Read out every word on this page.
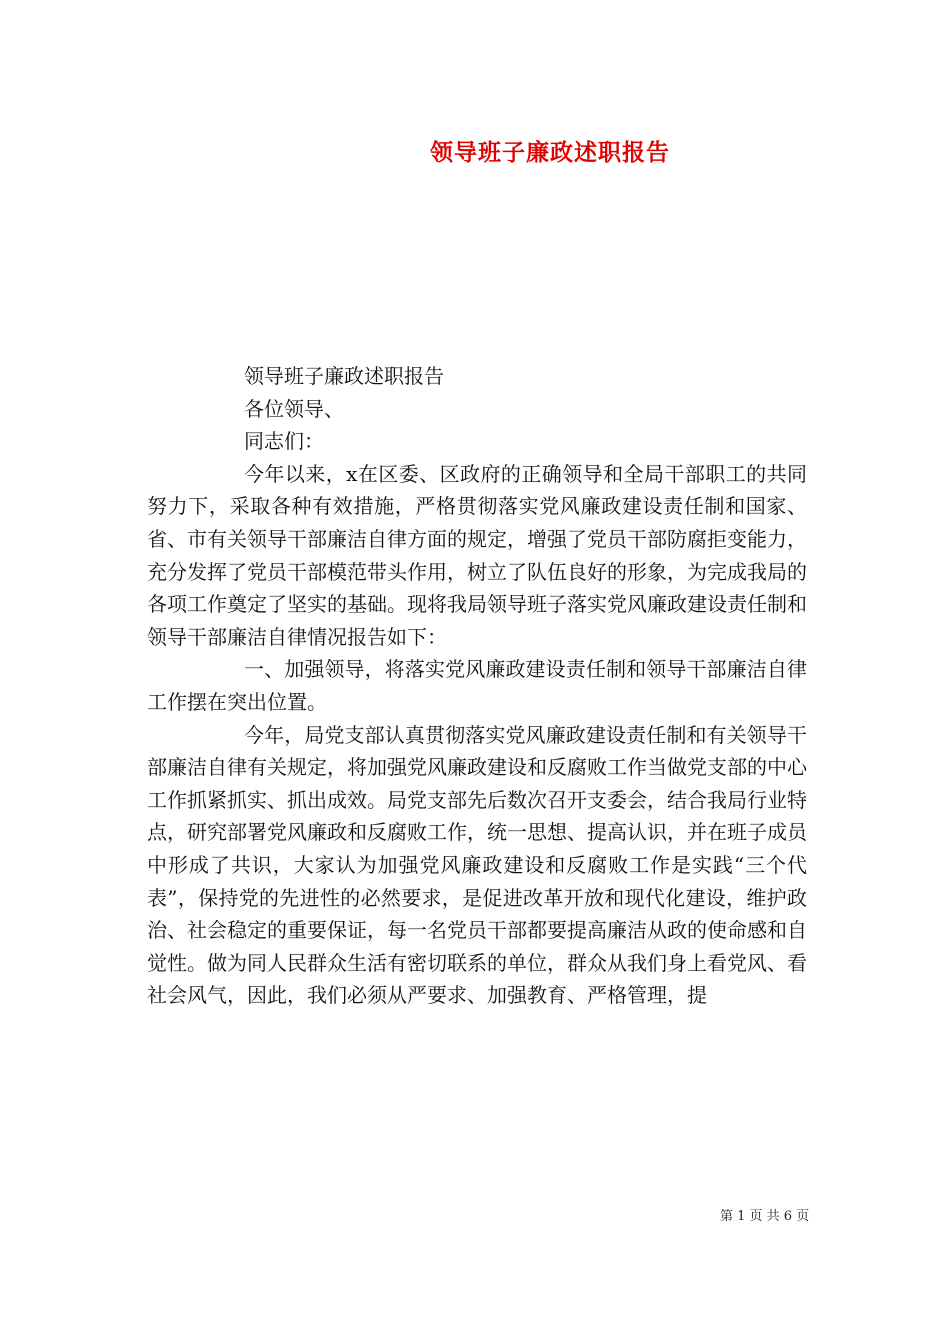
领导班子廉政述职报告

领导班子廉政述职报告

各位领导、

同志们：

今年以来，x在区委、区政府的正确领导和全局干部职工的共同努力下，采取各种有效措施，严格贯彻落实党风廉政建设责任制和国家、省、市有关领导干部廉洁自律方面的规定，增强了党员干部防腐拒变能力，充分发挥了党员干部模范带头作用，树立了队伍良好的形象，为完成我局的各项工作奠定了坚实的基础。现将我局领导班子落实党风廉政建设责任制和领导干部廉洁自律情况报告如下：

一、加强领导，将落实党风廉政建设责任制和领导干部廉洁自律工作摆在突出位置。

今年，局党支部认真贯彻落实党风廉政建设责任制和有关领导干部廉洁自律有关规定，将加强党风廉政建设和反腐败工作当做党支部的中心工作抓紧抓实、抓出成效。局党支部先后数次召开支委会，结合我局行业特点，研究部署党风廉政和反腐败工作，统一思想、提高认识，并在班子成员中形成了共识，大家认为加强党风廉政建设和反腐败工作是实践“三个代表”，保持党的先进性的必然要求，是促进改革开放和现代化建设，维护政治、社会稳定的重要保证，每一名党员干部都要提高廉洁从政的使命感和自觉性。做为同人民群众生活有密切联系的单位，群众从我们身上看党风、看社会风气，因此，我们必须从严要求、加强教育、严格管理，提

第 1 页 共 6 页
